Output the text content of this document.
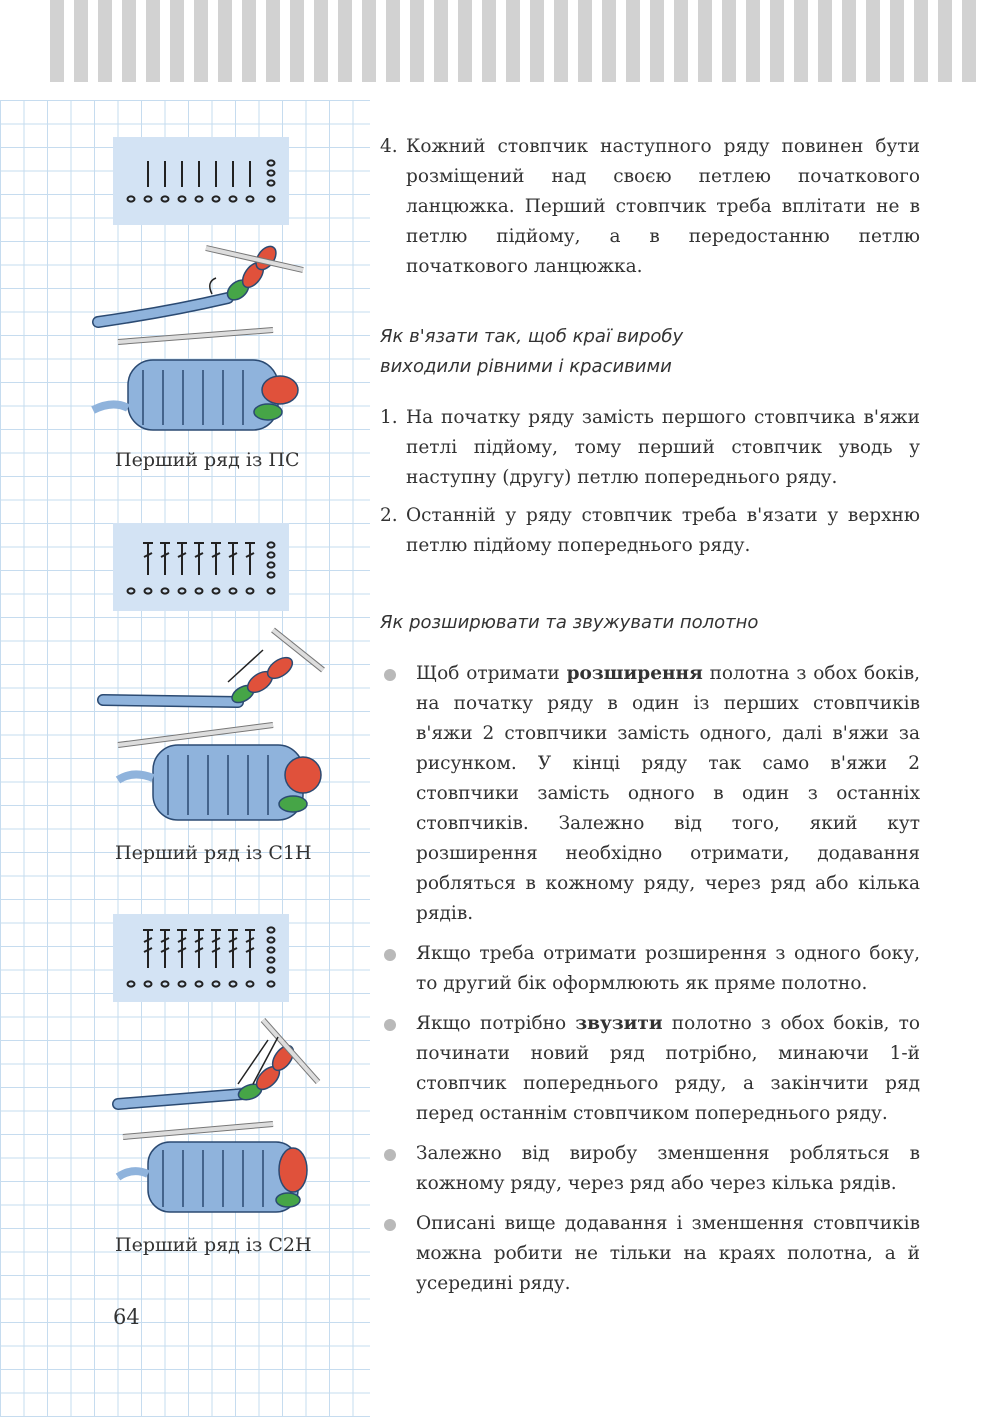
Перший ряд із ПС
Перший ряд із С1Н
Перший ряд із С2Н
64
4. Кожний стовпчик наступного ряду повинен бути розміщений над своєю петлею початкового ланцюжка. Перший стовпчик треба вплітати не в петлю підйому, а в передостанню петлю початкового ланцюжка.
Як в'язати так, щоб краї виробу виходили рівними і красивими
1. На початку ряду замість першого стовпчика в'яжи петлі підйому, тому перший стовпчик уводь у наступну (другу) петлю попереднього ряду.
2. Останній у ряду стовпчик треба в'язати у верхню петлю підйому попереднього ряду.
Як розширювати та звужувати полотно
Щоб отримати розширення полотна з обох боків, на початку ряду в один із перших стовпчиків в'яжи 2 стовпчики замість одного, далі в'яжи за рисунком. У кінці ряду так само в'яжи 2 стовпчики замість одного в один з останніх стовпчиків. Залежно від того, який кут розширення необхідно отримати, додавання робляться в кожному ряду, через ряд або кілька рядів.
Якщо треба отримати розширення з одного боку, то другий бік оформлюють як пряме полотно.
Якщо потрібно звузити полотно з обох боків, то починати новий ряд потрібно, минаючи 1-й стовпчик попереднього ряду, а закінчити ряд перед останнім стовпчиком попереднього ряду.
Залежно від виробу зменшення робляться в кожному ряду, через ряд або через кілька рядів.
Описані вище додавання і зменшення стовпчиків можна робити не тільки на краях полотна, а й усередині ряду.
